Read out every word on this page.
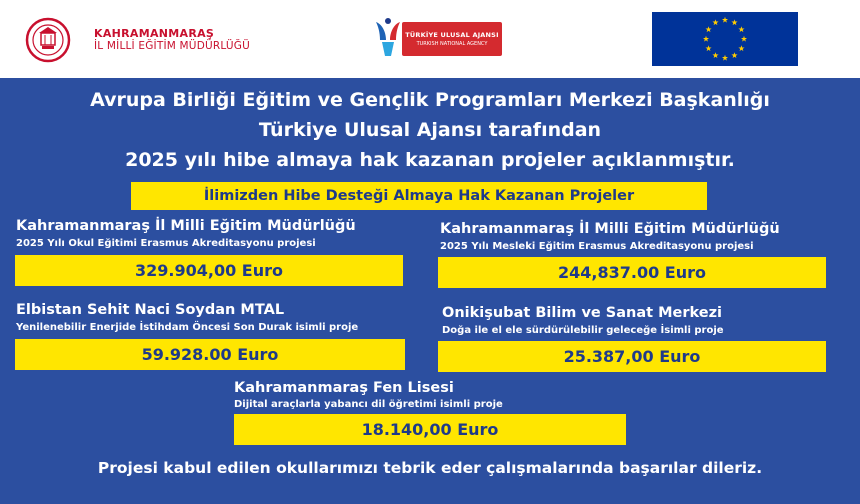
KAHRAMANMARAŞ
İL MİLLİ EĞİTİM MÜDÜRLÜĞÜ
TÜRKİYE ULUSAL AJANSI
TURKISH NATIONAL AGENCY
Avrupa Birliği Eğitim ve Gençlik Programları Merkezi Başkanlığı
Türkiye Ulusal Ajansı tarafından
2025 yılı hibe almaya hak kazanan projeler açıklanmıştır.
İlimizden Hibe Desteği Almaya Hak Kazanan Projeler
Kahramanmaraş İl Milli Eğitim Müdürlüğü
2025 Yılı Okul Eğitimi Erasmus Akreditasyonu projesi
329.904,00 Euro
Kahramanmaraş İl Milli Eğitim Müdürlüğü
2025 Yılı Mesleki Eğitim Erasmus Akreditasyonu projesi
244,837.00 Euro
Elbistan Sehit Naci Soydan MTAL
Yenilenebilir Enerjide İstihdam Öncesi Son Durak isimli proje
59.928.00 Euro
Onikişubat Bilim ve Sanat Merkezi
Doğa ile el ele sürdürülebilir geleceğe İsimli proje
25.387,00 Euro
Kahramanmaraş Fen Lisesi
Dijital araçlarla yabancı dil öğretimi isimli proje
18.140,00 Euro
Projesi kabul edilen okullarımızı tebrik eder çalışmalarında başarılar dileriz.
